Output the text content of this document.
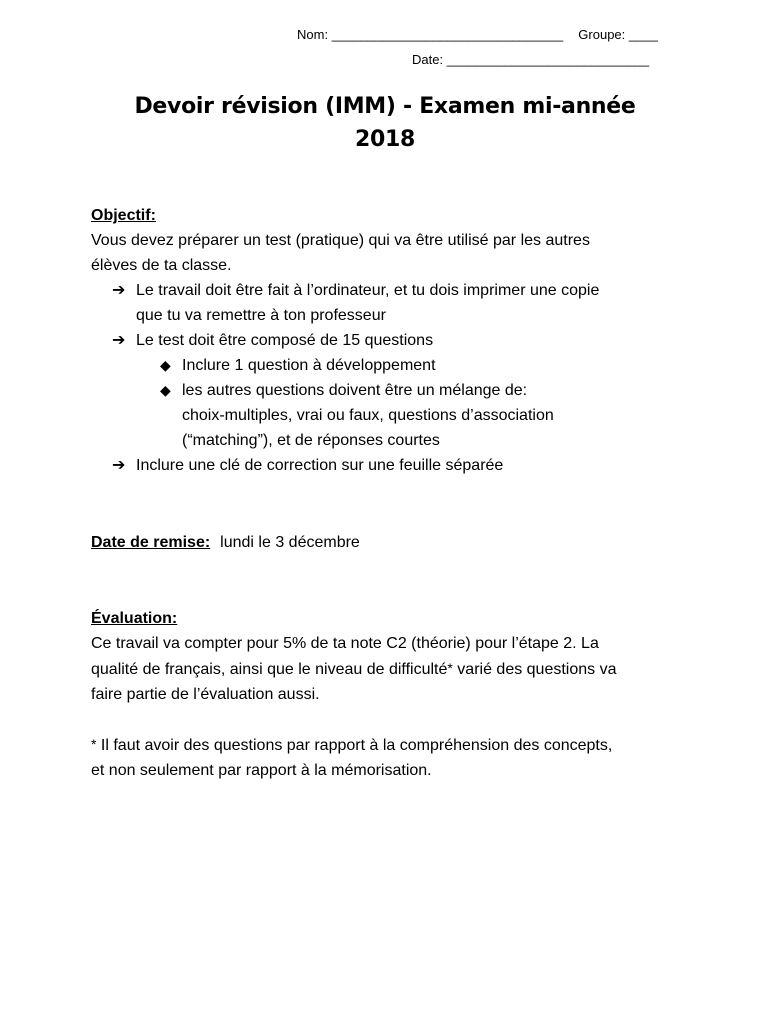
Nom: ________________________________ Groupe: ____
Date: ____________________________
Devoir révision (IMM) - Examen mi-année
2018
Objectif:
Vous devez préparer un test (pratique) qui va être utilisé par les autres
élèves de ta classe.
➔ Le travail doit être fait à l’ordinateur, et tu dois imprimer une copie
que tu va remettre à ton professeur
➔ Le test doit être composé de 15 questions
◆ Inclure 1 question à développement
◆ les autres questions doivent être un mélange de:
choix-multiples, vrai ou faux, questions d’association
(“matching”), et de réponses courtes
➔ Inclure une clé de correction sur une feuille séparée
Date de remise: lundi le 3 décembre
Évaluation:
Ce travail va compter pour 5% de ta note C2 (théorie) pour l’étape 2. La
qualité de français, ainsi que le niveau de difficulté* varié des questions va
faire partie de l’évaluation aussi.
* Il faut avoir des questions par rapport à la compréhension des concepts,
et non seulement par rapport à la mémorisation.
